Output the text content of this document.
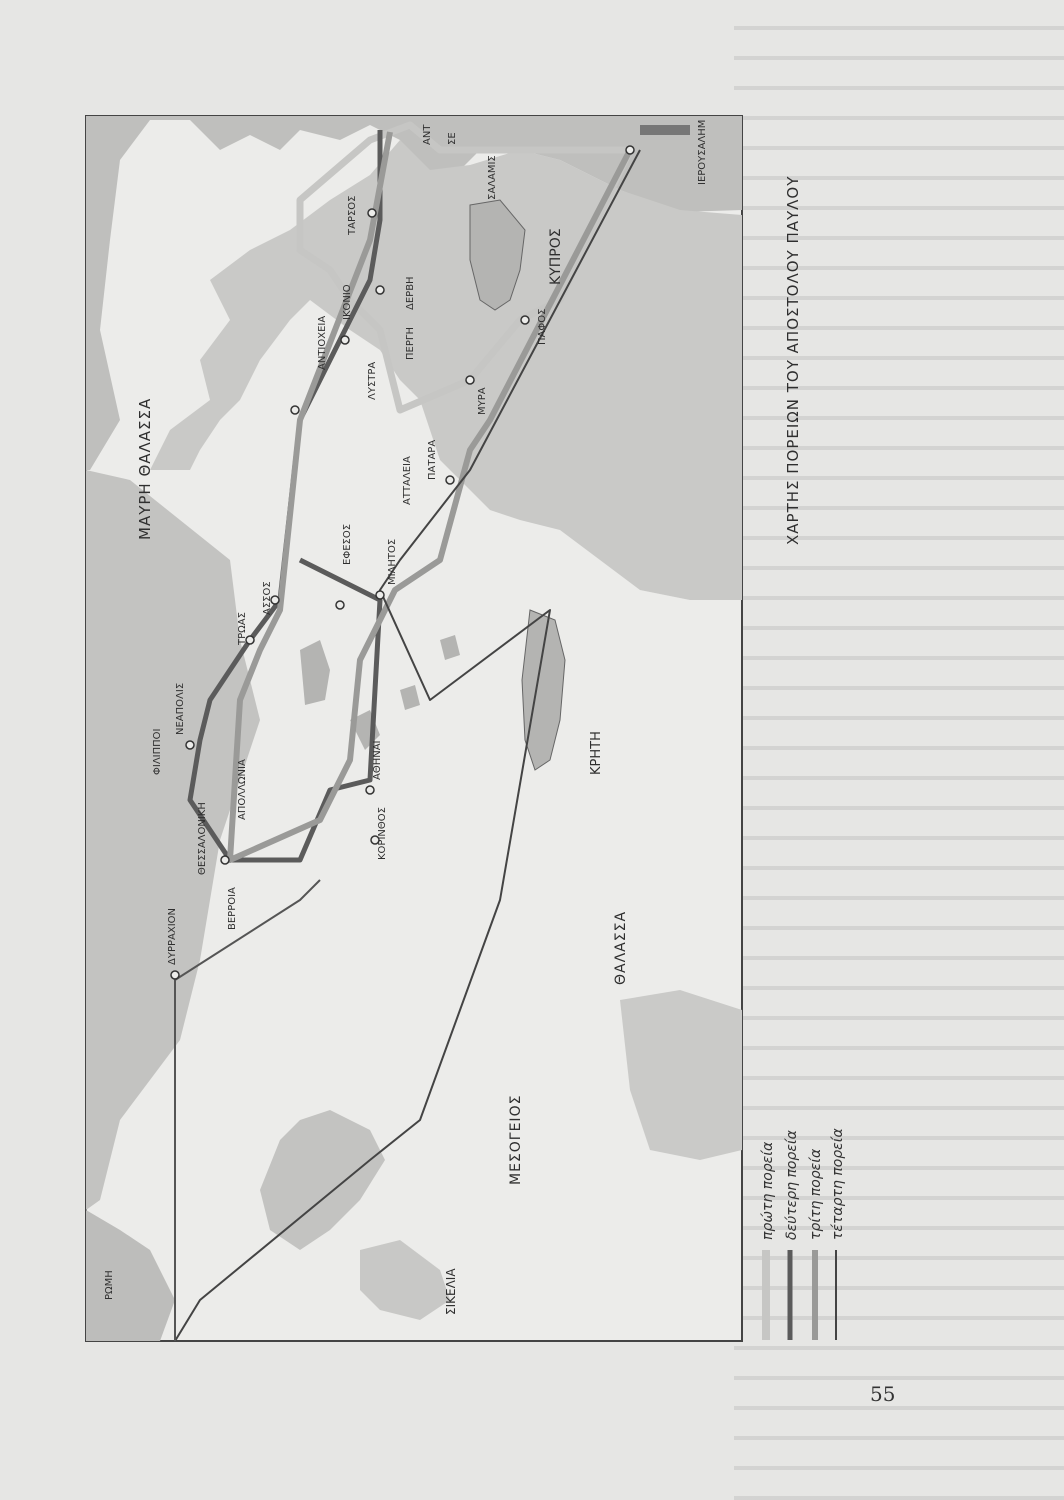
ΜΕΣΟΓΕΙΟΣ
ΘΑΛΑΣΣΑ
ΜΑΥΡΗ ΘΑΛΑΣΣΑ
ΚΥΠΡΟΣ
ΚΡΗΤΗ
ΣΙΚΕΛΙΑ
ΡΩΜΗ
ΔΥΡΡΑΧΙΟΝ	ΒΕΡΡΟΙΑ
ΘΕΣΣΑΛΟΝΙΚΗ
ΦΙΛΙΠΠΟΙ
ΝΕΑΠΟΛΙΣ
ΑΠΟΛΛΩΝΙΑ	ΑΘΗΝΑΙ
ΚΟΡΙΝΘΟΣ
ΤΡΩΑΣ
ΑΣΣΟΣ
ΕΦΕΣΟΣ	ΜΙΛΗΤΟΣ
ΑΤΤΑΛΕΙΑ ΠΑΤΑΡΑ
ΜΥΡΑ
ΠΕΡΓΗ
ΛΥΣΤΡΑ
ΑΝΤΙΟΧΕΙΑ
ΙΚΟΝΙΟ	ΔΕΡΒΗ
ΤΑΡΣΟΣ
ΑΝΤ ΣΕ
ΣΑΛΑΜΙΣ
ΠΑΦΟΣ
ΙΕΡΟΥΣΑΛΗΜ
ΧΑΡΤΗΣ ΠΟΡΕΙΩΝ ΤΟΥ ΑΠΟΣΤΟΛΟΥ ΠΑΥΛΟΥ
πρώτη πορεία δεύτερη πορεία τρίτη πορεία τέταρτη πορεία
55
